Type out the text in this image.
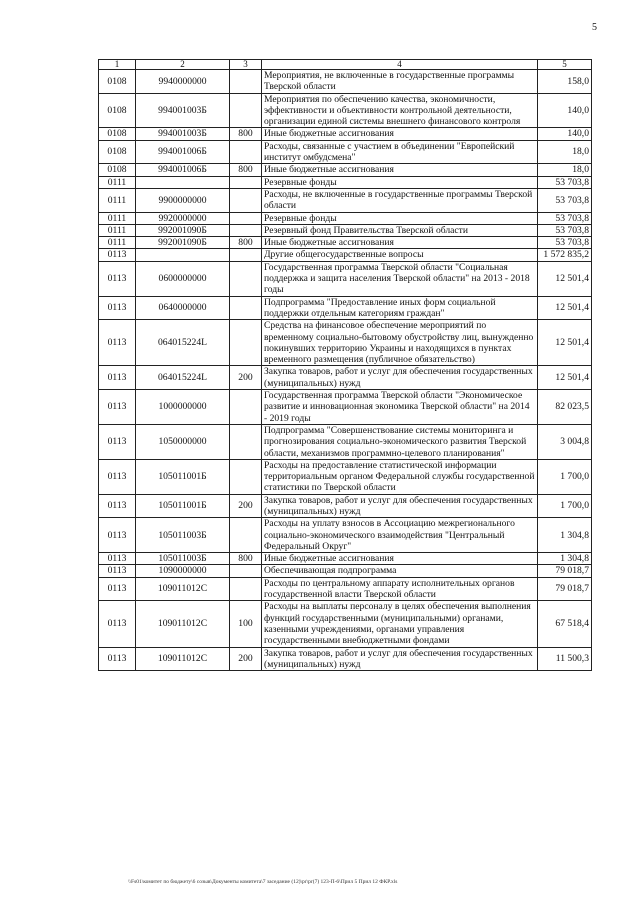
5
1	2	3	4	5
0108	9940000000		Мероприятия, не включенные в государственные программы Тверской области	158,0
0108	994001003Б		Мероприятия по обеспечению качества, экономичности, эффективности и объективности контрольной деятельности, организации единой системы внешнего финансового контроля	140,0
0108	994001003Б	800	Иные бюджетные ассигнования	140,0
0108	994001006Б		Расходы, связанные с участием в объединении "Европейский институт омбудсмена"	18,0
0108	994001006Б	800	Иные бюджетные ассигнования	18,0
0111			Резервные фонды	53 703,8
0111	9900000000		Расходы, не включенные в государственные программы Тверской области	53 703,8
0111	9920000000		Резервные фонды	53 703,8
0111	992001090Б		Резервный фонд Правительства Тверской области	53 703,8
0111	992001090Б	800	Иные бюджетные ассигнования	53 703,8
0113			Другие общегосударственные вопросы	1 572 835,2
0113	0600000000		Государственная программа Тверской области "Социальная поддержка и защита населения Тверской области" на 2013 - 2018 годы	12 501,4
0113	0640000000		Подпрограмма "Предоставление иных форм социальной поддержки отдельным категориям граждан"	12 501,4
0113	064015224L		Средства на финансовое обеспечение мероприятий по временному социально-бытовому обустройству лиц, вынужденно покинувших территорию Украины и находящихся в пунктах временного размещения (публичное обязательство)	12 501,4
0113	064015224L	200	Закупка товаров, работ и услуг для обеспечения государственных (муниципальных) нужд	12 501,4
0113	1000000000		Государственная программа Тверской области "Экономическое развитие и инновационная экономика Тверской области" на 2014 - 2019 годы	82 023,5
0113	1050000000		Подпрограмма "Совершенствование системы мониторинга и прогнозирования социально-экономического развития Тверской области, механизмов программно-целевого планирования"	3 004,8
0113	105011001Б		Расходы на предоставление статистической информации территориальным органом Федеральной службы государственной статистики по Тверской области	1 700,0
0113	105011001Б	200	Закупка товаров, работ и услуг для обеспечения государственных (муниципальных) нужд	1 700,0
0113	105011003Б		Расходы на уплату взносов в Ассоциацию межрегионального социально-экономического взаимодействия "Центральный Федеральный Округ"	1 304,8
0113	105011003Б	800	Иные бюджетные ассигнования	1 304,8
0113	1090000000		Обеспечивающая подпрограмма	79 018,7
0113	109011012С		Расходы по центральному аппарату исполнительных органов государственной власти Тверской области	79 018,7
0113	109011012С	100	Расходы на выплаты персоналу в целях обеспечения выполнения функций государственными (муниципальными) органами, казенными учреждениями, органами управления государственными внебюджетными фондами	67 518,4
0113	109011012С	200	Закупка товаров, работ и услуг для обеспечения государственных (муниципальных) нужд	11 500,3
\\Fs01\комитет по бюджету\6 созыв\Документы комитета\7 заседание (12)\pr\pr(7) 123-П-6\Прил 5 Прил 12 ФКР.xls
